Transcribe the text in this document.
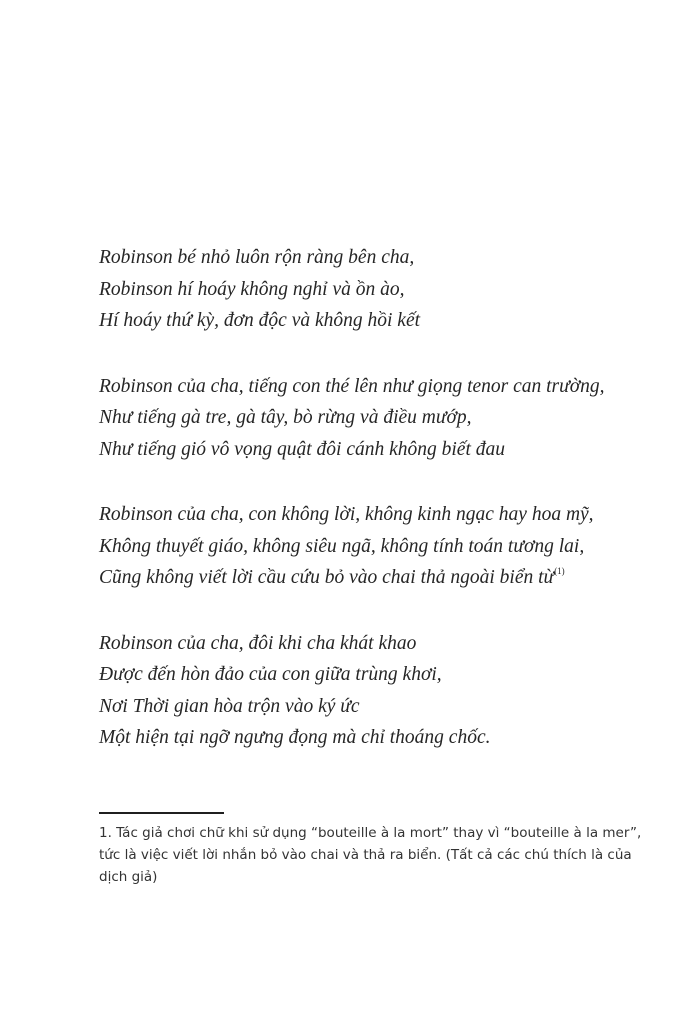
Robinson bé nhỏ luôn rộn ràng bên cha,
Robinson hí hoáy không nghỉ và ồn ào,
Hí hoáy thứ kỳ, đơn độc và không hồi kết
Robinson của cha, tiếng con thé lên như giọng tenor can trường,
Như tiếng gà tre, gà tây, bò rừng và điều mướp,
Như tiếng gió vô vọng quật đôi cánh không biết đau
Robinson của cha, con không lời, không kinh ngạc hay hoa mỹ,
Không thuyết giáo, không siêu ngã, không tính toán tương lai,
Cũng không viết lời cầu cứu bỏ vào chai thả ngoài biển từ$^{(1)}$
Robinson của cha, đôi khi cha khát khao
Được đến hòn đảo của con giữa trùng khơi,
Nơi Thời gian hòa trộn vào ký ức
Một hiện tại ngỡ ngưng đọng mà chỉ thoáng chốc.
1. Tác giả chơi chữ khi sử dụng “bouteille à la mort” thay vì “bouteille à la mer”,
tức là việc viết lời nhắn bỏ vào chai và thả ra biển. (Tất cả các chú thích là của
dịch giả)
